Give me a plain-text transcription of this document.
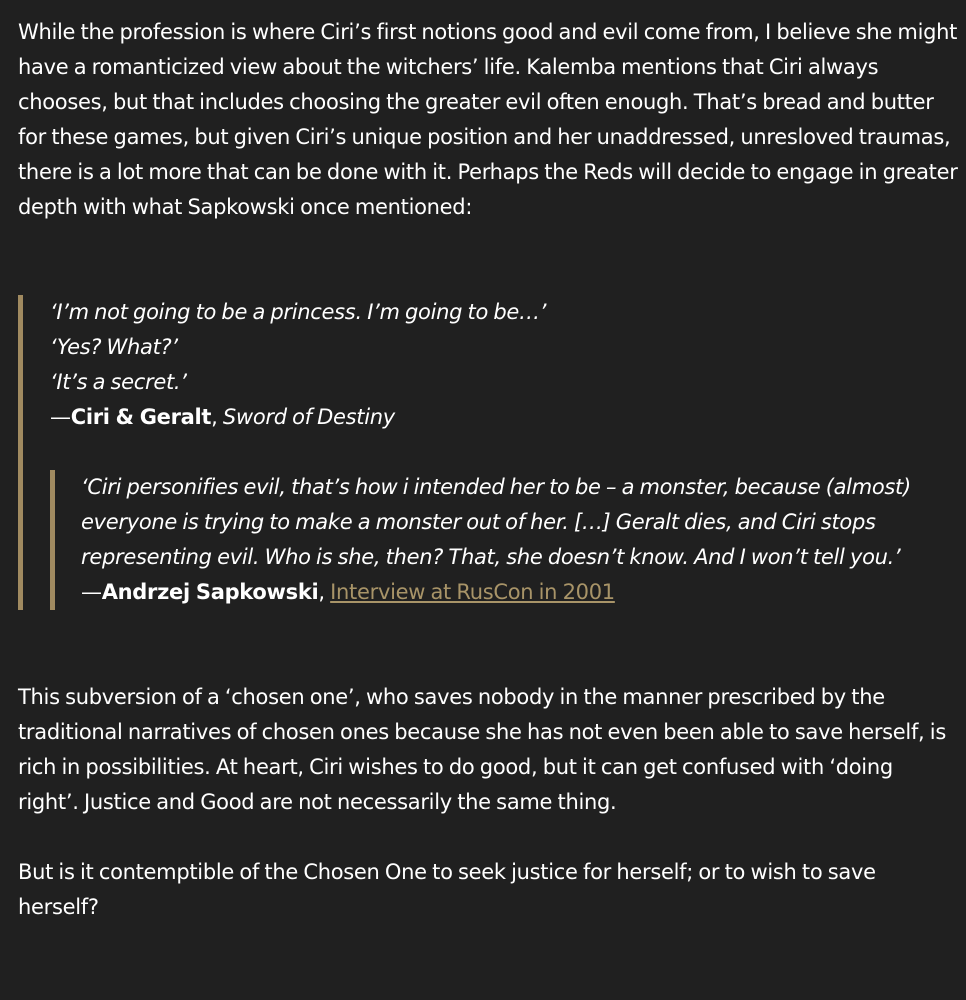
While the profession is where Ciri’s first notions good and evil come from, I believe she might have a romanticized view about the witchers’ life. Kalemba mentions that Ciri always chooses, but that includes choosing the greater evil often enough. That’s bread and butter for these games, but given Ciri’s unique position and her unaddressed, unresloved traumas, there is a lot more that can be done with it. Perhaps the Reds will decide to engage in greater depth with what Sapkowski once mentioned:

‘I’m not going to be a princess. I’m going to be…’
‘Yes? What?’
‘It’s a secret.’
—Ciri & Geralt, Sword of Destiny
‘Ciri personifies evil, that’s how i intended her to be – a monster, because (almost) everyone is trying to make a monster out of her. […] Geralt dies, and Ciri stops representing evil. Who is she, then? That, she doesn’t know. And I won’t tell you.’
—Andrzej Sapkowski, Interview at RusCon in 2001

This subversion of a ‘chosen one’, who saves nobody in the manner prescribed by the traditional narratives of chosen ones because she has not even been able to save herself, is rich in possibilities. At heart, Ciri wishes to do good, but it can get confused with ‘doing right’. Justice and Good are not necessarily the same thing.

But is it contemptible of the Chosen One to seek justice for herself; or to wish to save herself?
